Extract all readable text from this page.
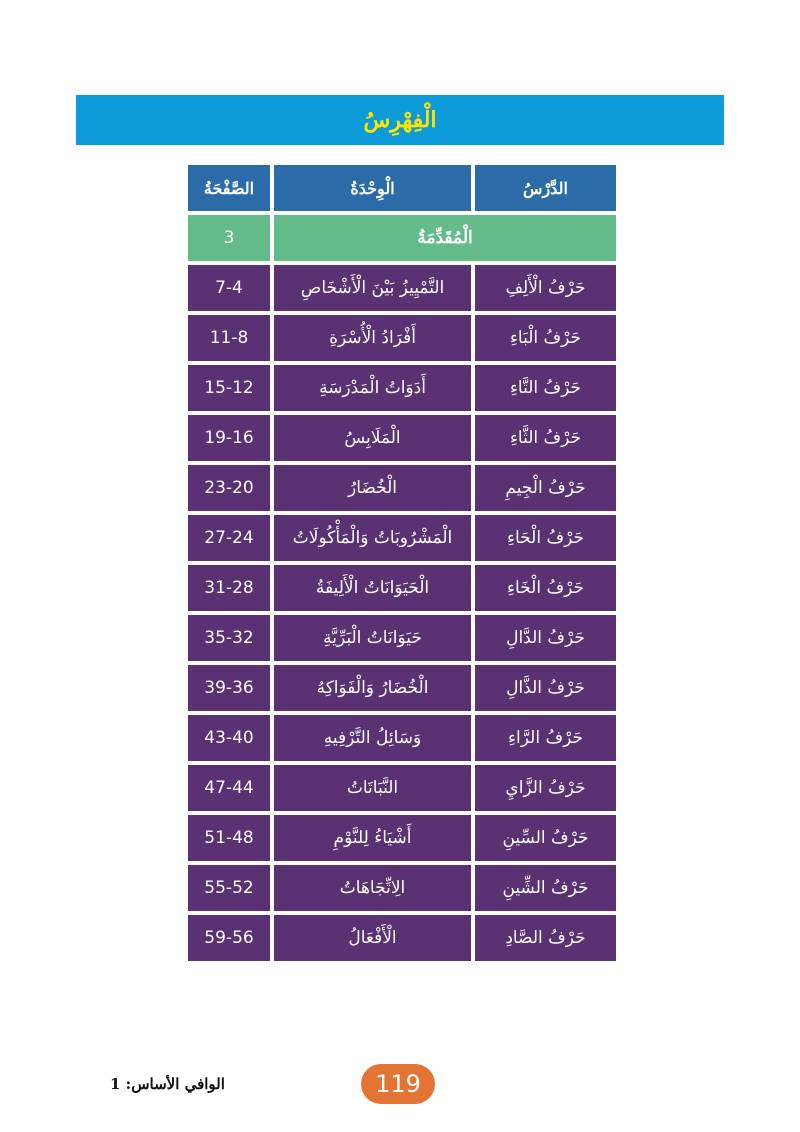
الْفِهْرِسُ
الدَّرْسُ
الْوِحْدَةُ
الصَّفْحَةُ
الْمُقَدِّمَةُ
3
حَرْفُ الْأَلِفِ
التَّمْيِيزُ بَيْنَ الْأَشْخَاصِ
7-4
حَرْفُ الْبَاءِ
أَفْرَادُ الْأُسْرَةِ
11-8
حَرْفُ التَّاءِ
أَدَوَاتُ الْمَدْرَسَةِ
15-12
حَرْفُ الثَّاءِ
الْمَلَابِسُ
19-16
حَرْفُ الْجِيمِ
الْخُضَارُ
23-20
حَرْفُ الْحَاءِ
الْمَشْرُوبَاتُ وَالْمَأْكُولَاتُ
27-24
حَرْفُ الْخَاءِ
الْحَيَوَانَاتُ الْأَلِيفَةُ
31-28
حَرْفُ الدَّالِ
حَيَوَانَاتُ الْبَرِّيَّةِ
35-32
حَرْفُ الذَّالِ
الْخُضَارُ وَالْفَوَاكِهُ
39-36
حَرْفُ الرَّاءِ
وَسَائِلُ التَّرْفِيهِ
43-40
حَرْفُ الزَّايِ
النَّبَاتَاتُ
47-44
حَرْفُ السِّينِ
أَشْيَاءُ لِلنَّوْمِ
51-48
حَرْفُ الشِّينِ
الِاتِّجَاهَاتُ
55-52
حَرْفُ الصَّادِ
الْأَفْعَالُ
59-56
الوافي الأساس: 1	119
